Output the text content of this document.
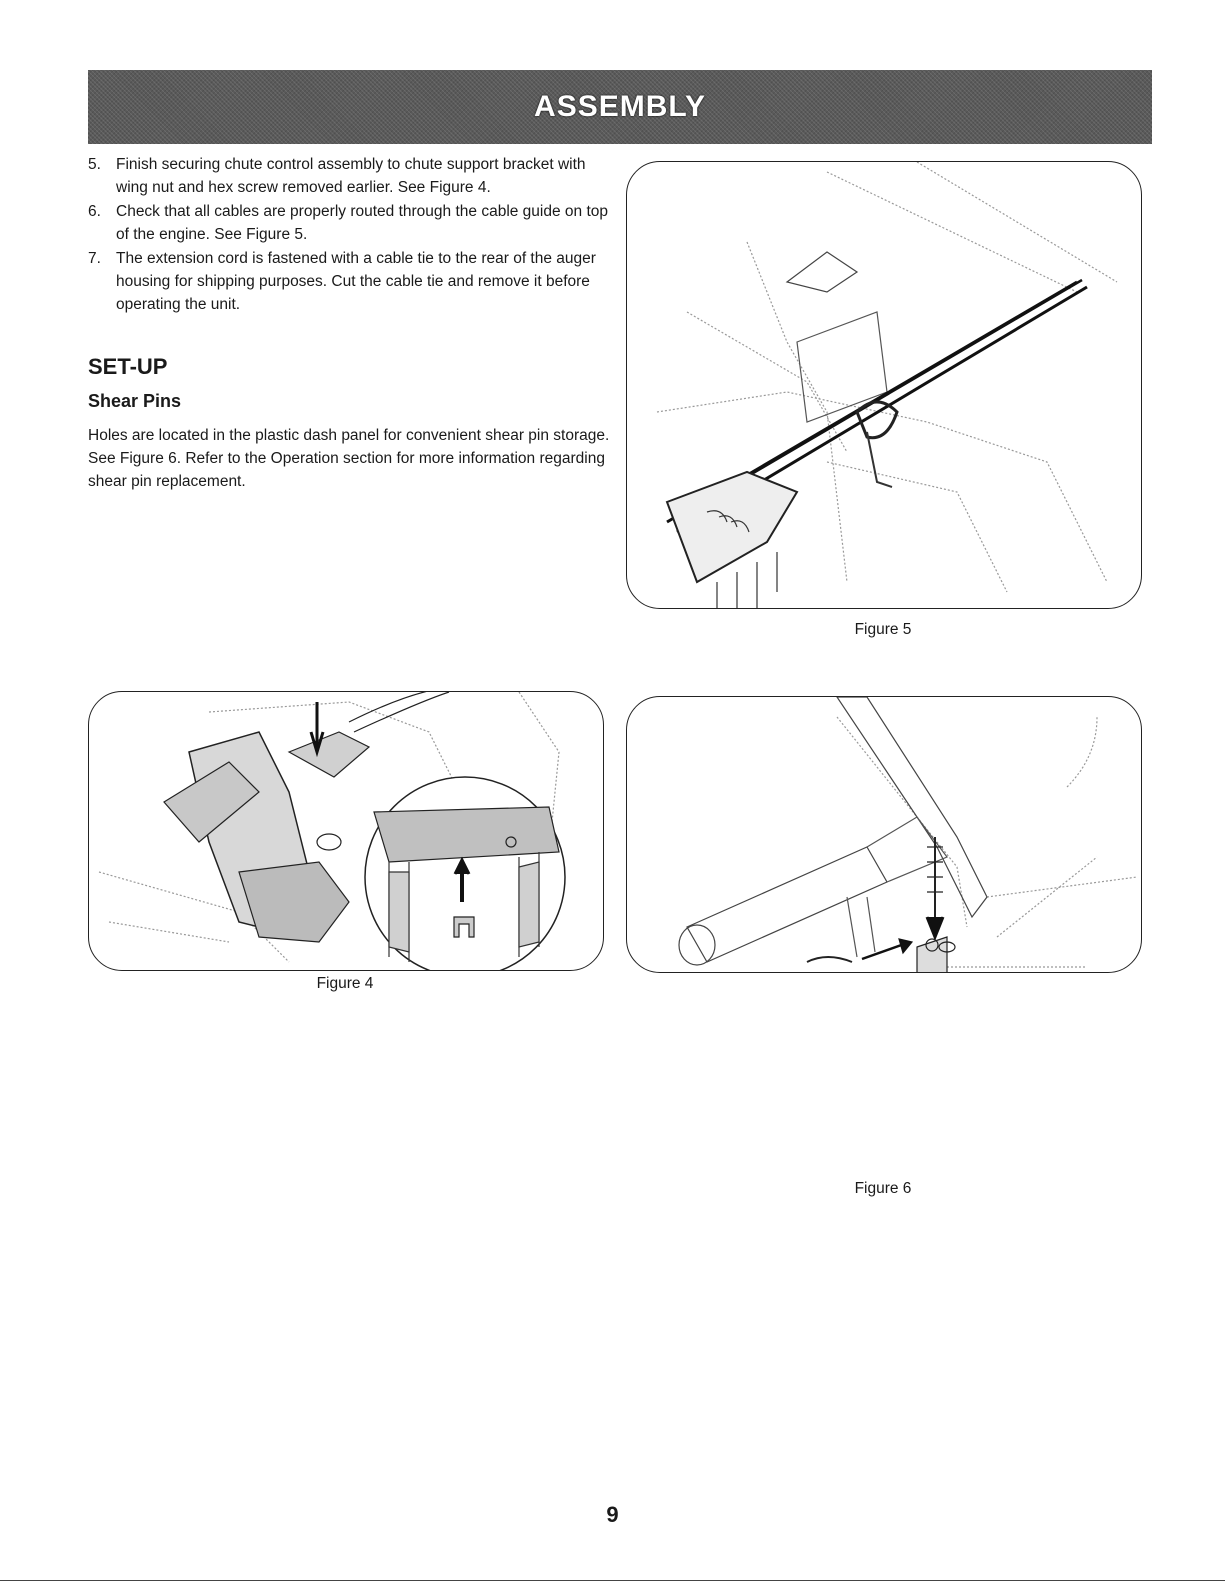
ASSEMBLY
5. Finish securing chute control assembly to chute support bracket with wing nut and hex screw removed earlier. See Figure 4.
6. Check that all cables are properly routed through the cable guide on top of the engine. See Figure 5.
7. The extension cord is fastened with a cable tie to the rear of the auger housing for shipping purposes. Cut the cable tie and remove it before operating the unit.
SET-UP
Shear Pins

Holes are located in the plastic dash panel for convenient shear pin storage. See Figure 6. Refer to the Operation section for more information regarding shear pin replacement.

Figure 5
Figure 4
Figure 6
9
